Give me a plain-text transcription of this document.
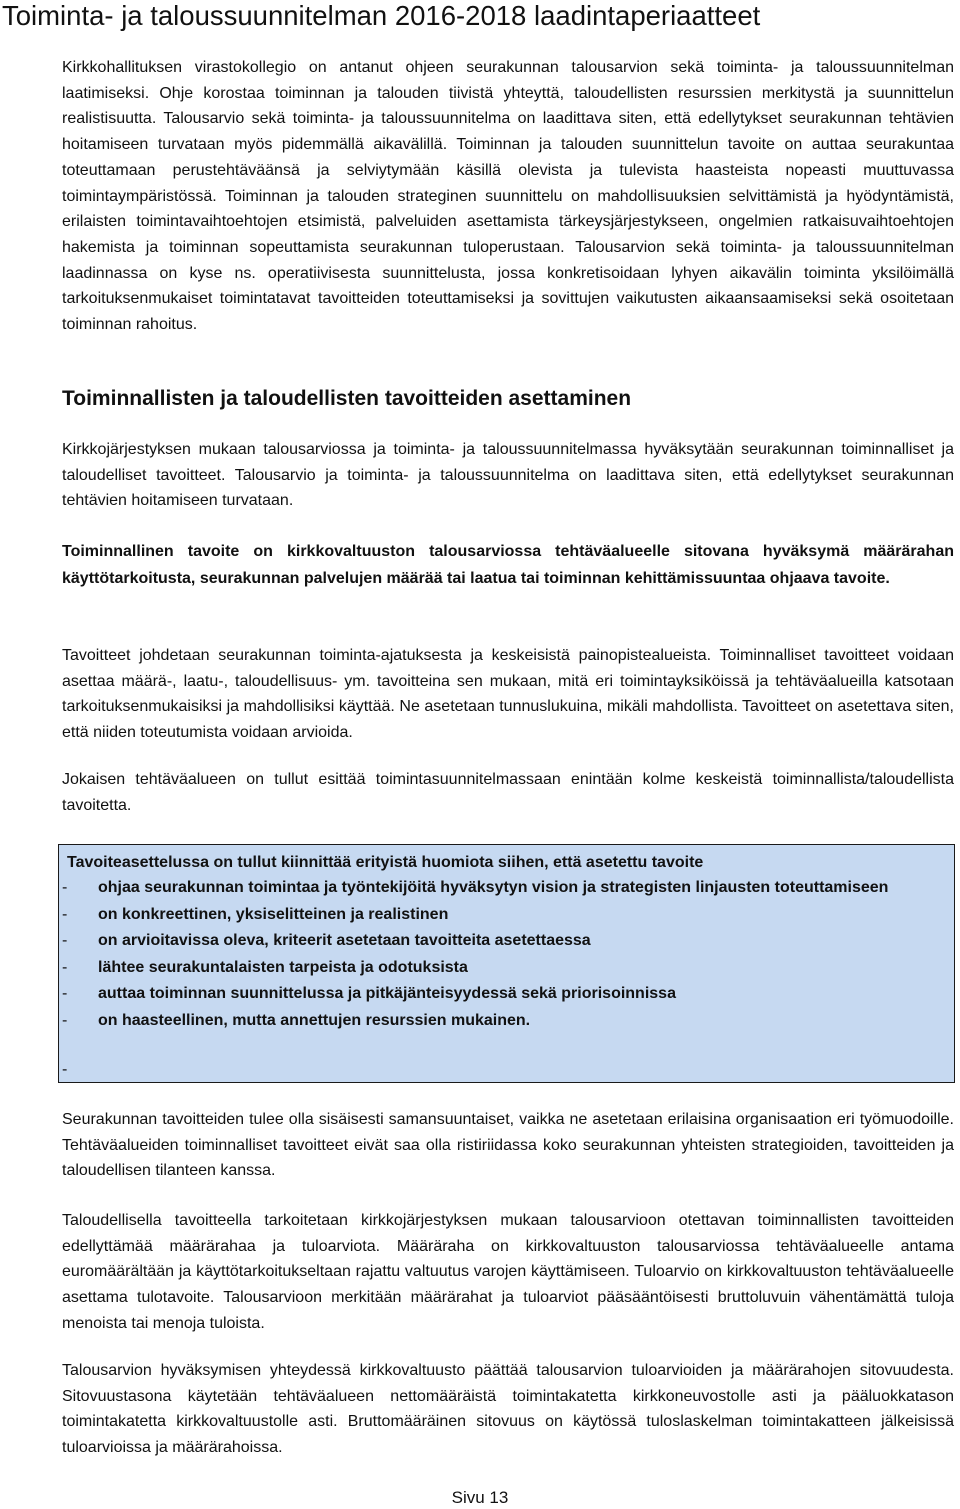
Toiminta- ja taloussuunnitelman 2016-2018 laadintaperiaatteet

Kirkkohallituksen virastokollegio on antanut ohjeen seurakunnan talousarvion sekä toiminta- ja taloussuunnitelman laatimiseksi. Ohje korostaa toiminnan ja talouden tiivistä yhteyttä, taloudellisten resurssien merkitystä ja suunnittelun realistisuutta. Talousarvio sekä toiminta- ja taloussuunnitelma on laadittava siten, että edellytykset seurakunnan tehtävien hoitamiseen turvataan myös pidemmällä aikavälillä. Toiminnan ja talouden suunnittelun tavoite on auttaa seurakuntaa toteuttamaan perustehtäväänsä ja selviytymään käsillä olevista ja tulevista haasteista nopeasti muuttuvassa toimintaympäristössä. Toiminnan ja talouden strateginen suunnittelu on mahdollisuuksien selvittämistä ja hyödyntämistä, erilaisten toimintavaihtoehtojen etsimistä, palveluiden asettamista tärkeysjärjestykseen, ongelmien ratkaisuvaihtoehtojen hakemista ja toiminnan sopeuttamista seurakunnan tuloperustaan. Talousarvion sekä toiminta- ja taloussuunnitelman laadinnassa on kyse ns. operatiivisesta suunnittelusta, jossa konkretisoidaan lyhyen aikavälin toiminta yksilöimällä tarkoituksenmukaiset toimintatavat tavoitteiden toteuttamiseksi ja sovittujen vaikutusten aikaansaamiseksi sekä osoitetaan toiminnan rahoitus.

Toiminnallisten ja taloudellisten tavoitteiden asettaminen

Kirkkojärjestyksen mukaan talousarviossa ja toiminta- ja taloussuunnitelmassa hyväksytään seurakunnan toiminnalliset ja taloudelliset tavoitteet. Talousarvio ja toiminta- ja taloussuunnitelma on laadittava siten, että edellytykset seurakunnan tehtävien hoitamiseen turvataan.

Toiminnallinen tavoite on kirkkovaltuuston talousarviossa tehtäväalueelle sitovana hyväksymä määrärahan käyttötarkoitusta, seurakunnan palvelujen määrää tai laatua tai toiminnan kehittämissuuntaa ohjaava tavoite.

Tavoitteet johdetaan seurakunnan toiminta-ajatuksesta ja keskeisistä painopistealueista. Toiminnalliset tavoitteet voidaan asettaa määrä-, laatu-, taloudellisuus- ym. tavoitteina sen mukaan, mitä eri toimintayksiköissä ja tehtäväalueilla katsotaan tarkoituksenmukaisiksi ja mahdollisiksi käyttää. Ne asetetaan tunnuslukuina, mikäli mahdollista. Tavoitteet on asetettava siten, että niiden toteutumista voidaan arvioida.

Jokaisen tehtäväalueen on tullut esittää toimintasuunnitelmassaan enintään kolme keskeistä toiminnallista/taloudellista tavoitetta.

Tavoiteasettelussa on tullut kiinnittää erityistä huomiota siihen, että asetettu tavoite

- ohjaa seurakunnan toimintaa ja työntekijöitä hyväksytyn vision ja strategisten linjausten toteuttamiseen
- on konkreettinen, yksiselitteinen ja realistinen
- on arvioitavissa oleva, kriteerit asetetaan tavoitteita asetettaessa
- lähtee seurakuntalaisten tarpeista ja odotuksista
- auttaa toiminnan suunnittelussa ja pitkäjänteisyydessä sekä priorisoinnissa
- on haasteellinen, mutta annettujen resurssien mukainen.
-

Seurakunnan tavoitteiden tulee olla sisäisesti samansuuntaiset, vaikka ne asetetaan erilaisina organisaation eri työmuodoille. Tehtäväalueiden toiminnalliset tavoitteet eivät saa olla ristiriidassa koko seurakunnan yhteisten strategioiden, tavoitteiden ja taloudellisen tilanteen kanssa.

Taloudellisella tavoitteella tarkoitetaan kirkkojärjestyksen mukaan talousarvioon otettavan toiminnallisten tavoitteiden edellyttämää määrärahaa ja tuloarviota. Määräraha on kirkkovaltuuston talousarviossa tehtäväalueelle antama euromäärältään ja käyttötarkoitukseltaan rajattu valtuutus varojen käyttämiseen. Tuloarvio on kirkkovaltuuston tehtäväalueelle asettama tulotavoite. Talousarvioon merkitään määrärahat ja tuloarviot pääsääntöisesti bruttoluvuin vähentämättä tuloja menoista tai menoja tuloista.

Talousarvion hyväksymisen yhteydessä kirkkovaltuusto päättää talousarvion tuloarvioiden ja määrärahojen sitovuudesta. Sitovuustasona käytetään tehtäväalueen nettomääräistä toimintakatetta kirkkoneuvostolle asti ja pääluokkatason toimintakatetta kirkkovaltuustolle asti. Bruttomääräinen sitovuus on käytössä tuloslaskelman toimintakatteen jälkeisissä tuloarvioissa ja määrärahoissa.

Sivu 13
